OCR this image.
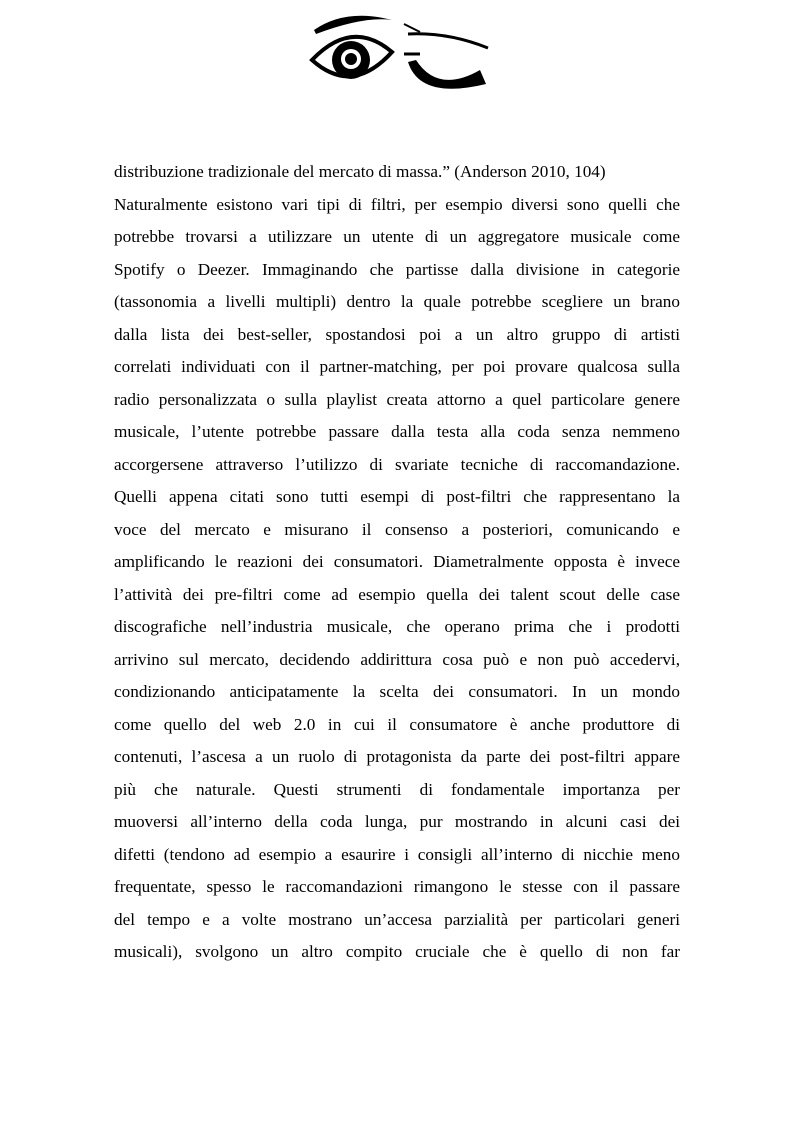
distribuzione tradizionale del mercato di massa.” (Anderson 2010, 104)
Naturalmente esistono vari tipi di filtri, per esempio diversi sono quelli che
potrebbe trovarsi a utilizzare un utente di un aggregatore musicale come
Spotify o Deezer. Immaginando che partisse dalla divisione in categorie
(tassonomia a livelli multipli) dentro la quale potrebbe scegliere un brano
dalla lista dei best-seller, spostandosi poi a un altro gruppo di artisti
correlati individuati con il partner-matching, per poi provare qualcosa sulla
radio personalizzata o sulla playlist creata attorno a quel particolare genere
musicale, l’utente potrebbe passare dalla testa alla coda senza nemmeno
accorgersene attraverso l’utilizzo di svariate tecniche di raccomandazione.
Quelli appena citati sono tutti esempi di post-filtri che rappresentano la
voce del mercato e misurano il consenso a posteriori, comunicando e
amplificando le reazioni dei consumatori. Diametralmente opposta è invece
l’attività dei pre-filtri come ad esempio quella dei talent scout delle case
discografiche nell’industria musicale, che operano prima che i prodotti
arrivino sul mercato, decidendo addirittura cosa può e non può accedervi,
condizionando anticipatamente la scelta dei consumatori. In un mondo
come quello del web 2.0 in cui il consumatore è anche produttore di
contenuti, l’ascesa a un ruolo di protagonista da parte dei post-filtri appare
più che naturale. Questi strumenti di fondamentale importanza per
muoversi all’interno della coda lunga, pur mostrando in alcuni casi dei
difetti (tendono ad esempio a esaurire i consigli all’interno di nicchie meno
frequentate, spesso le raccomandazioni rimangono le stesse con il passare
del tempo e a volte mostrano un’accesa parzialità per particolari generi
musicali), svolgono un altro compito cruciale che è quello di non far
